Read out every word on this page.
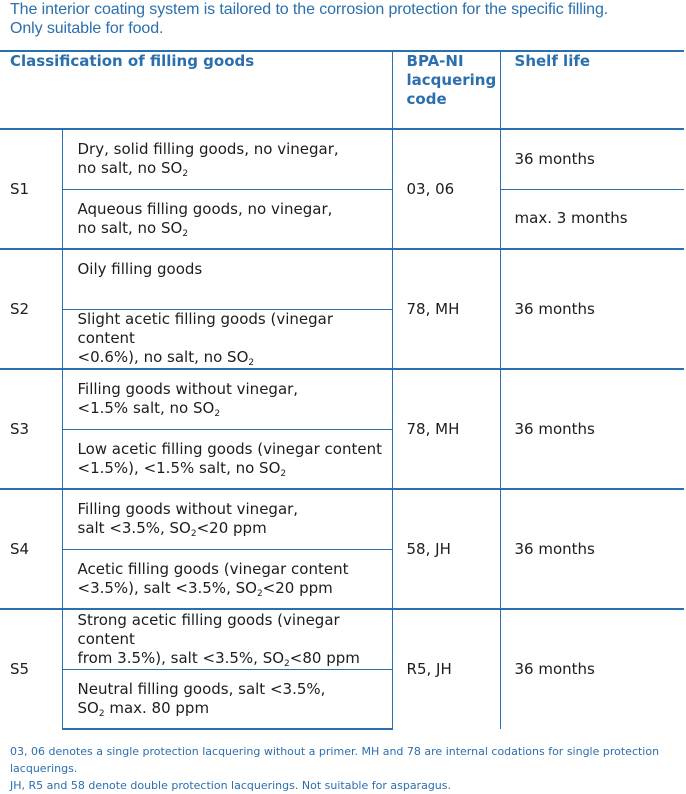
The interior coating system is tailored to the corrosion protection for the specific filling.
Only suitable for food.
Classification of filling goods		BPA-NI
lacquering
code	Shelf life
S1	Dry, solid filling goods, no vinegar,
no salt, no $SO_2$	03, 06	36 months

	Aqueous filling goods, no vinegar,
no salt, no $SO_2$		max. 3 months
S2	Oily filling goods	78, MH	36 months

	Slight acetic filling goods (vinegar content
<0.6%), no salt, no $SO_2$

S3	Filling goods without vinegar,
<1.5% salt, no $SO_2$	78, MH	36 months

	Low acetic filling goods (vinegar content
<1.5%), <1.5% salt, no $SO_2$

S4	Filling goods without vinegar,
salt <3.5%, $SO_2<20$ ppm	58, JH	36 months

	Acetic filling goods (vinegar content
<3.5%), salt <3.5%, $SO_2<20$ ppm		

S5	Strong acetic filling goods (vinegar content
from 3.5%), salt <3.5%, $SO_2<80$ ppm	R5, JH	36 months

	Neutral filling goods, salt <3.5%,
$SO_2$ max. 80 ppm		
03, 06 denotes a single protection lacquering without a primer. MH and 78 are internal codations for single protection lacquerings.
JH, R5 and 58 denote double protection lacquerings. Not suitable for asparagus.
